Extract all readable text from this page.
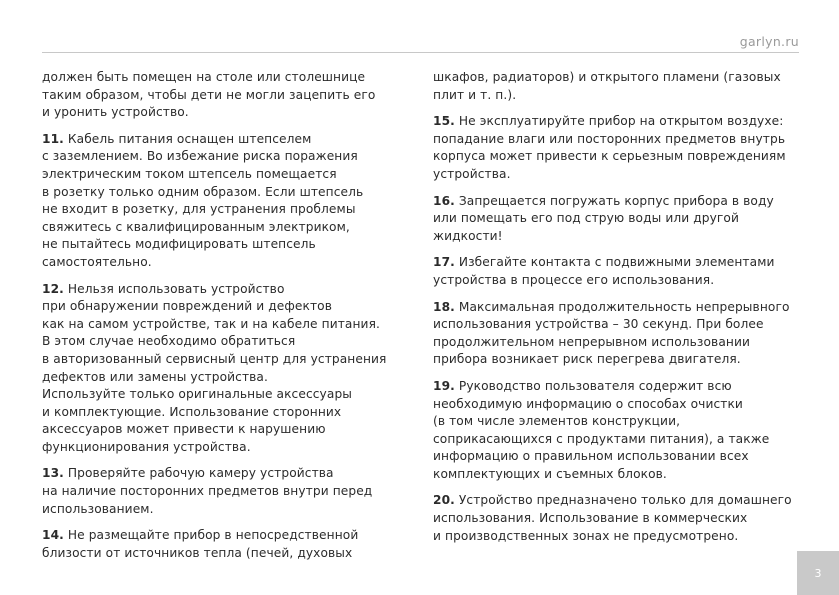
garlyn.ru

должен быть помещен на столе или столешнице
таким образом, чтобы дети не могли зацепить его
и уронить устройство.

11. Кабель питания оснащен штепселем
с заземлением. Во избежание риска поражения
электрическим током штепсель помещается
в розетку только одним образом. Если штепсель
не входит в розетку, для устранения проблемы
свяжитесь с квалифицированным электриком,
не пытайтесь модифицировать штепсель
самостоятельно.

12. Нельзя использовать устройство
при обнаружении повреждений и дефектов
как на самом устройстве, так и на кабеле питания.
В этом случае необходимо обратиться
в авторизованный сервисный центр для устранения
дефектов или замены устройства.
Используйте только оригинальные аксессуары
и комплектующие. Использование сторонних
аксессуаров может привести к нарушению
функционирования устройства.

13. Проверяйте рабочую камеру устройства
на наличие посторонних предметов внутри перед
использованием.

14. Не размещайте прибор в непосредственной
близости от источников тепла (печей, духовых

шкафов, радиаторов) и открытого пламени (газовых
плит и т. п.).

15. Не эксплуатируйте прибор на открытом воздухе:
попадание влаги или посторонних предметов внутрь
корпуса может привести к серьезным повреждениям
устройства.

16. Запрещается погружать корпус прибора в воду
или помещать его под струю воды или другой
жидкости!

17. Избегайте контакта с подвижными элементами
устройства в процессе его использования.

18. Максимальная продолжительность непрерывного
использования устройства – 30 секунд. При более
продолжительном непрерывном использовании
прибора возникает риск перегрева двигателя.

19. Руководство пользователя содержит всю
необходимую информацию о способах очистки
(в том числе элементов конструкции,
соприкасающихся с продуктами питания), а также
информацию о правильном использовании всех
комплектующих и съемных блоков.

20. Устройство предназначено только для домашнего
использования. Использование в коммерческих
и производственных зонах не предусмотрено.

3
